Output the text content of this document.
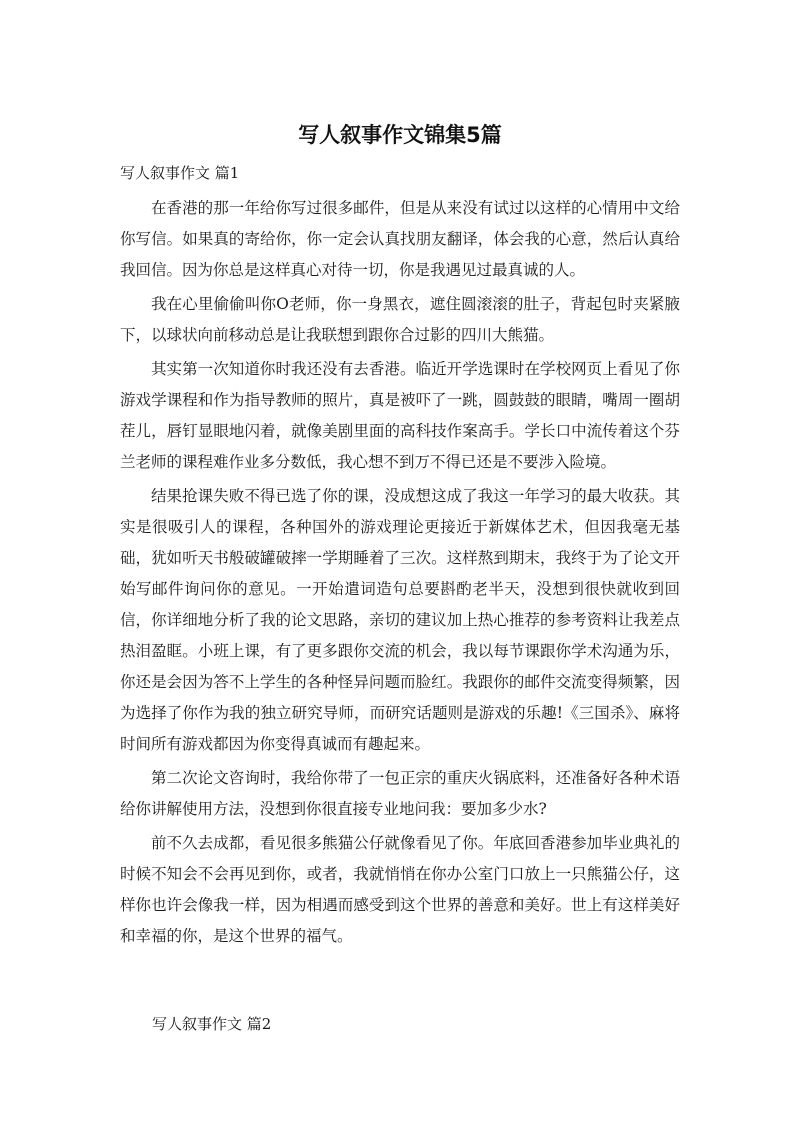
写人叙事作文锦集5篇
写人叙事作文 篇1

在香港的那一年给你写过很多邮件，但是从来没有试过以这样的心情用中文给你写信。如果真的寄给你，你一定会认真找朋友翻译，体会我的心意，然后认真给我回信。因为你总是这样真心对待一切，你是我遇见过最真诚的人。

我在心里偷偷叫你O老师，你一身黑衣，遮住圆滚滚的肚子，背起包时夹紧腋下，以球状向前移动总是让我联想到跟你合过影的四川大熊猫。

其实第一次知道你时我还没有去香港。临近开学选课时在学校网页上看见了你游戏学课程和作为指导教师的照片，真是被吓了一跳，圆鼓鼓的眼睛，嘴周一圈胡茬儿，唇钉显眼地闪着，就像美剧里面的高科技作案高手。学长口中流传着这个芬兰老师的课程难作业多分数低，我心想不到万不得已还是不要涉入险境。

结果抢课失败不得已选了你的课，没成想这成了我这一年学习的最大收获。其实是很吸引人的课程，各种国外的游戏理论更接近于新媒体艺术，但因我毫无基础，犹如听天书般破罐破摔一学期睡着了三次。这样熬到期末，我终于为了论文开始写邮件询问你的意见。一开始遣词造句总要斟酌老半天，没想到很快就收到回信，你详细地分析了我的论文思路，亲切的建议加上热心推荐的参考资料让我差点热泪盈眶。小班上课，有了更多跟你交流的机会，我以每节课跟你学术沟通为乐，你还是会因为答不上学生的各种怪异问题而脸红。我跟你的邮件交流变得频繁，因为选择了你作为我的独立研究导师，而研究话题则是游戏的乐趣!《三国杀》、麻将时间所有游戏都因为你变得真诚而有趣起来。

第二次论文咨询时，我给你带了一包正宗的重庆火锅底料，还准备好各种术语给你讲解使用方法，没想到你很直接专业地问我：要加多少水?

前不久去成都，看见很多熊猫公仔就像看见了你。年底回香港参加毕业典礼的时候不知会不会再见到你，或者，我就悄悄在你办公室门口放上一只熊猫公仔，这样你也许会像我一样，因为相遇而感受到这个世界的善意和美好。世上有这样美好和幸福的你，是这个世界的福气。

写人叙事作文 篇2
